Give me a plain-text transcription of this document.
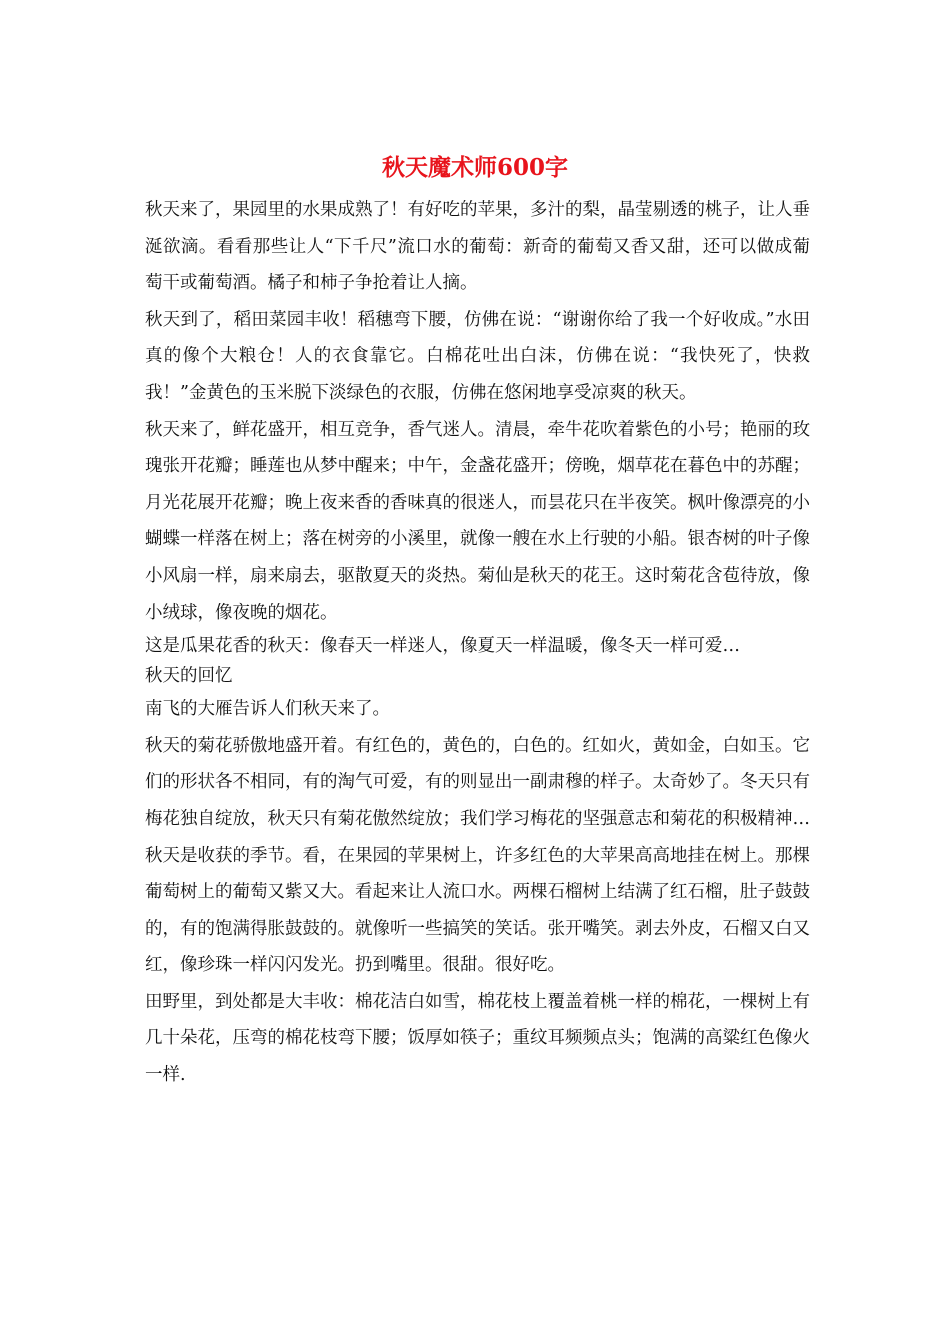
秋天魔术师600字

秋天来了，果园里的水果成熟了！有好吃的苹果，多汁的梨，晶莹剔透的桃子，让人垂涎欲滴。看看那些让人“下千尺”流口水的葡萄：新奇的葡萄又香又甜，还可以做成葡萄干或葡萄酒。橘子和柿子争抢着让人摘。

秋天到了，稻田菜园丰收！稻穗弯下腰，仿佛在说：“谢谢你给了我一个好收成。”水田真的像个大粮仓！人的衣食靠它。白棉花吐出白沫，仿佛在说：“我快死了，快救我！”金黄色的玉米脱下淡绿色的衣服，仿佛在悠闲地享受凉爽的秋天。

秋天来了，鲜花盛开，相互竞争，香气迷人。清晨，牵牛花吹着紫色的小号；艳丽的玫瑰张开花瓣；睡莲也从梦中醒来；中午，金盏花盛开；傍晚，烟草花在暮色中的苏醒；月光花展开花瓣；晚上夜来香的香味真的很迷人，而昙花只在半夜笑。枫叶像漂亮的小蝴蝶一样落在树上；落在树旁的小溪里，就像一艘在水上行驶的小船。银杏树的叶子像小风扇一样，扇来扇去，驱散夏天的炎热。菊仙是秋天的花王。这时菊花含苞待放，像小绒球，像夜晚的烟花。

这是瓜果花香的秋天：像春天一样迷人，像夏天一样温暖，像冬天一样可爱…

秋天的回忆

南飞的大雁告诉人们秋天来了。

秋天的菊花骄傲地盛开着。有红色的，黄色的，白色的。红如火，黄如金，白如玉。它们的形状各不相同，有的淘气可爱，有的则显出一副肃穆的样子。太奇妙了。冬天只有梅花独自绽放，秋天只有菊花傲然绽放；我们学习梅花的坚强意志和菊花的积极精神…

秋天是收获的季节。看，在果园的苹果树上，许多红色的大苹果高高地挂在树上。那棵葡萄树上的葡萄又紫又大。看起来让人流口水。两棵石榴树上结满了红石榴，肚子鼓鼓的，有的饱满得胀鼓鼓的。就像听一些搞笑的笑话。张开嘴笑。剥去外皮，石榴又白又红，像珍珠一样闪闪发光。扔到嘴里。很甜。很好吃。

田野里，到处都是大丰收：棉花洁白如雪，棉花枝上覆盖着桃一样的棉花，一棵树上有几十朵花，压弯的棉花枝弯下腰；饭厚如筷子；重纹耳频频点头；饱满的高粱红色像火一样.
